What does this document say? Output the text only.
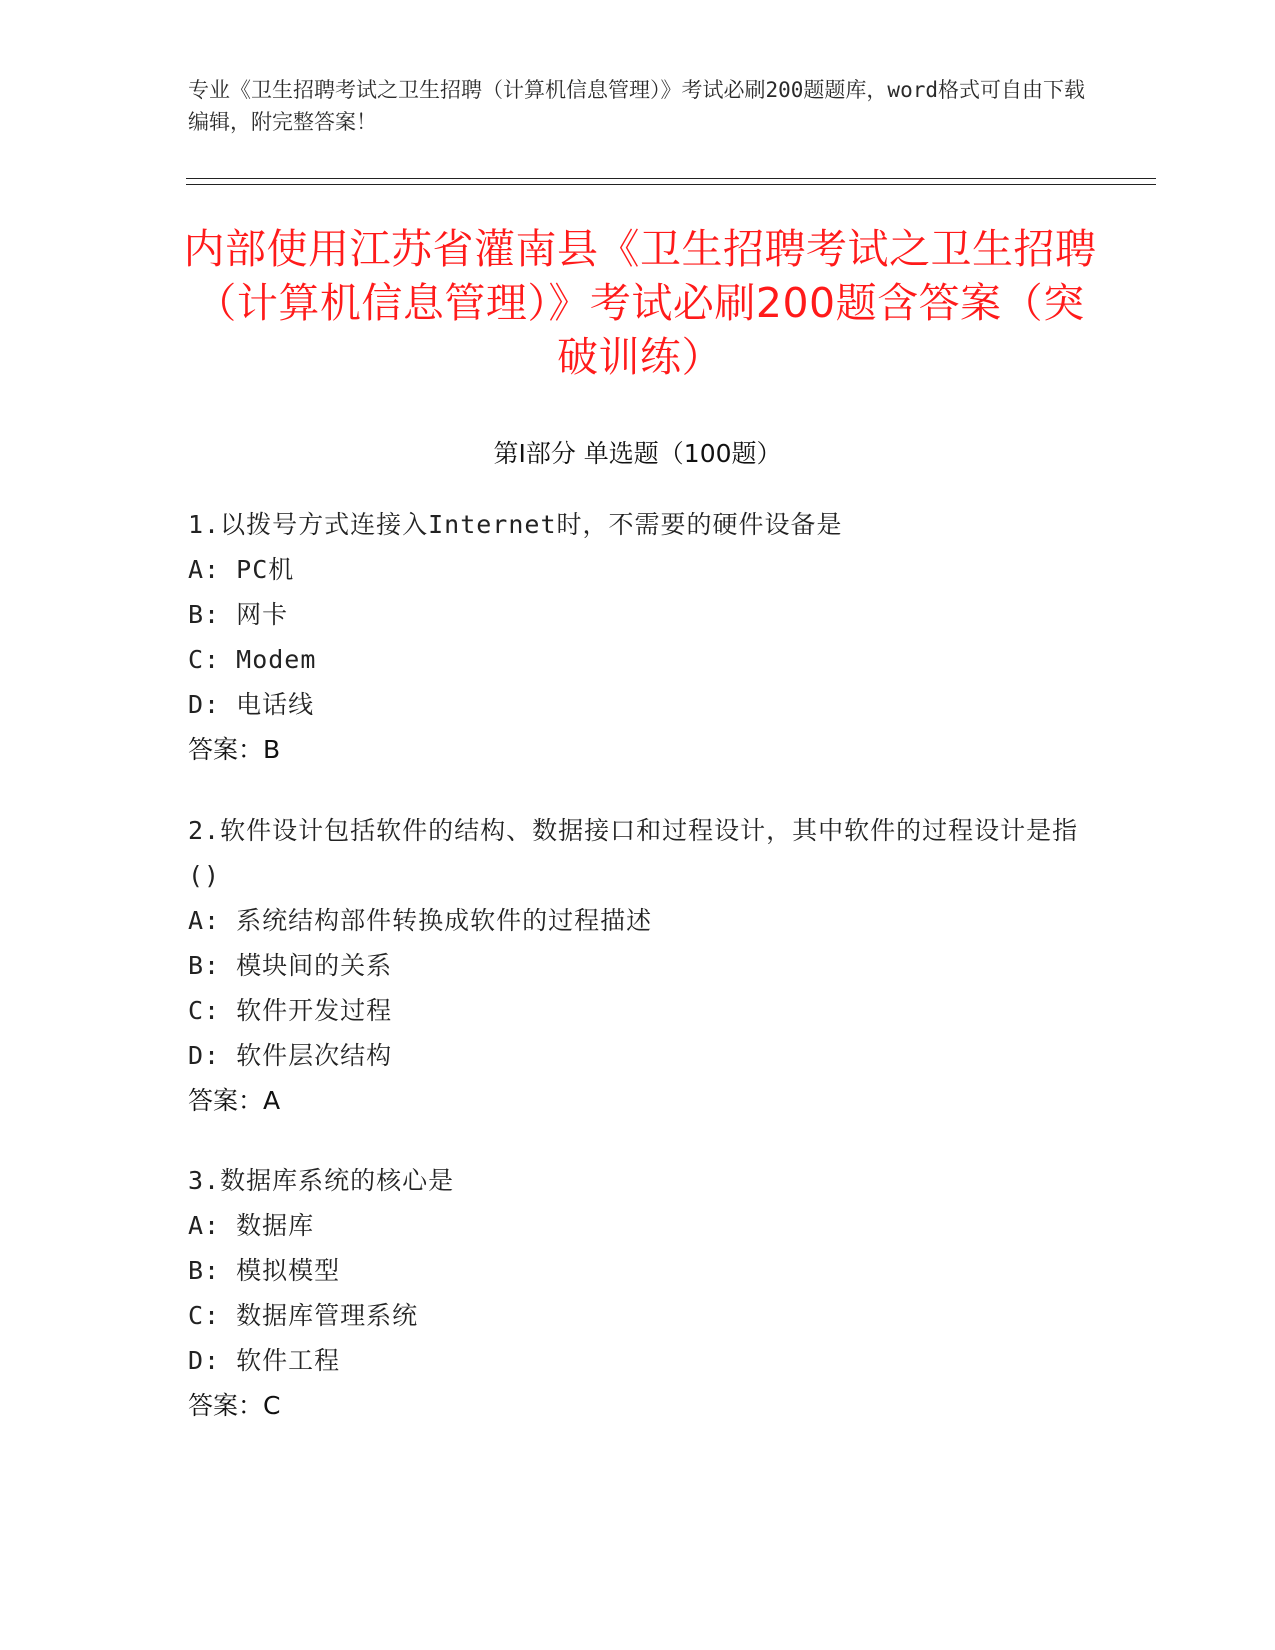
专业《卫生招聘考试之卫生招聘（计算机信息管理）》考试必刷200题题库，word格式可自由下载编辑，附完整答案！
内部使用江苏省灌南县《卫生招聘考试之卫生招聘（计算机信息管理）》考试必刷200题含答案（突破训练）
第Ⅰ部分 单选题（100题）
1.以拨号方式连接入Internet时，不需要的硬件设备是
A: PC机
B: 网卡
C: Modem
D: 电话线
答案：B
2.软件设计包括软件的结构、数据接口和过程设计，其中软件的过程设计是指()
A: 系统结构部件转换成软件的过程描述
B: 模块间的关系
C: 软件开发过程
D: 软件层次结构
答案：A
3.数据库系统的核心是
A: 数据库
B: 模拟模型
C: 数据库管理系统
D: 软件工程
答案：C
